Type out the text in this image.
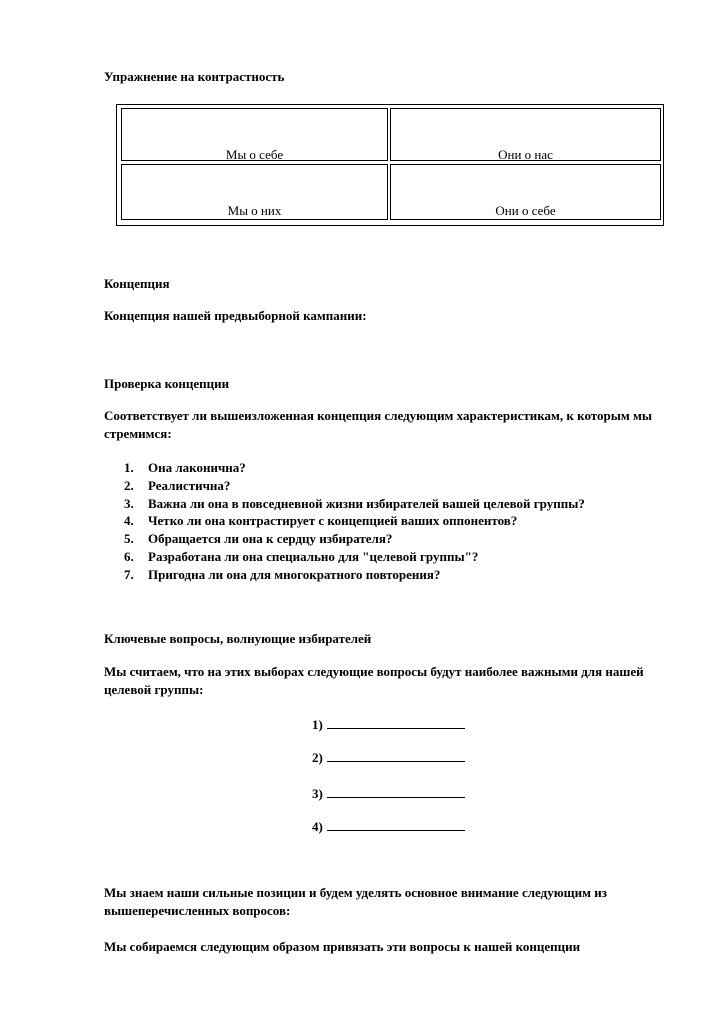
Упражнение на контрастность
Мы о себе	Они о нас
Мы о них	Они о себе
Концепция
Концепция нашей предвыборной кампании:
Проверка концепции
Соответствует ли вышеизложенная концепция следующим характеристикам, к которым мы стремимся:
1. Она лаконична?
2. Реалистична?
3. Важна ли она в повседневной жизни избирателей вашей целевой группы?
4. Четко ли она контрастирует с концепцией ваших оппонентов?
5. Обращается ли она к сердцу избирателя?
6. Разработана ли она специально для "целевой группы"?
7. Пригодна ли она для многократного повторения?
Ключевые вопросы, волнующие избирателей
Мы считаем, что на этих выборах следующие вопросы будут наиболее важными для нашей целевой группы:
1)
2)
3)
4)
Мы знаем наши сильные позиции и будем уделять основное внимание следующим из вышеперечисленных вопросов:
Мы собираемся следующим образом привязать эти вопросы к нашей концепции
